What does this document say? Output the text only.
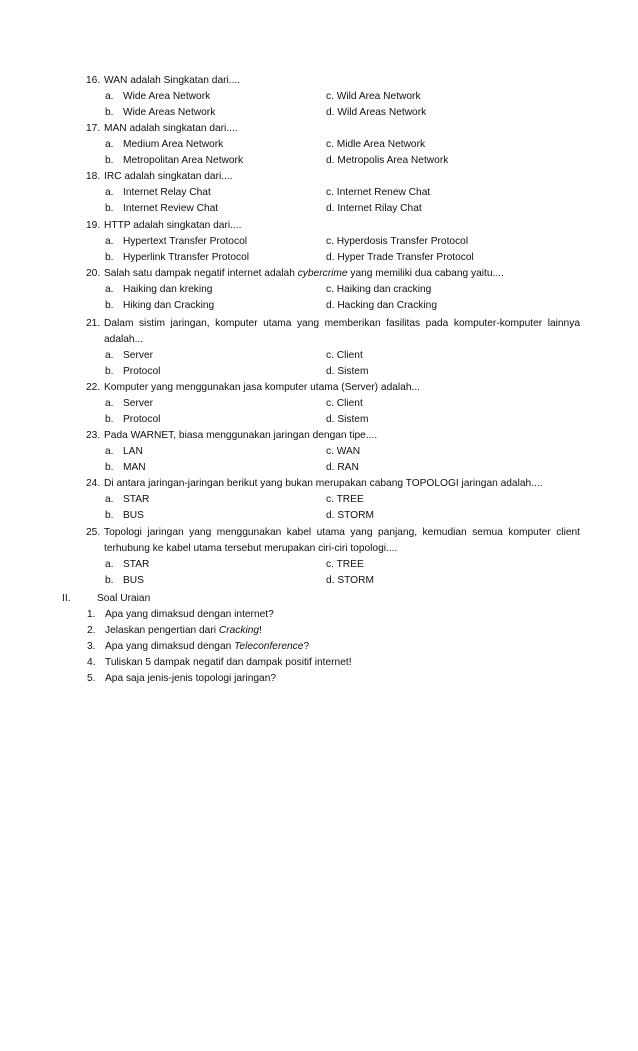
16. WAN adalah Singkatan dari....
a. Wide Area Network	c. Wild Area Network
b. Wide Areas Network	d. Wild Areas Network
17. MAN adalah singkatan dari....
a. Medium Area Network	c. Midle Area Network
b. Metropolitan Area Network	d. Metropolis Area Network
18. IRC adalah singkatan dari....
a. Internet Relay Chat	c. Internet Renew Chat
b. Internet Review Chat	d. Internet Rilay Chat
19. HTTP adalah singkatan dari....
a. Hypertext Transfer Protocol	c. Hyperdosis Transfer Protocol
b. Hyperlink Ttransfer Protocol	d. Hyper Trade Transfer Protocol
20. Salah satu dampak negatif internet adalah cybercrime yang memiliki dua cabang yaitu....
a. Haiking dan kreking	c. Haiking dan cracking
b. Hiking dan Cracking	d. Hacking dan Cracking
21. Dalam sistim jaringan, komputer utama yang memberikan fasilitas pada komputer-komputer lainnya adalah...
a. Server	c. Client
b. Protocol	d. Sistem
22. Komputer yang menggunakan jasa komputer utama (Server) adalah...
a. Server	c. Client
b. Protocol	d. Sistem
23. Pada WARNET, biasa menggunakan jaringan dengan tipe....
a. LAN	c. WAN
b. MAN	d. RAN
24. Di antara jaringan-jaringan berikut yang bukan merupakan cabang TOPOLOGI jaringan adalah....
a. STAR	c. TREE
b. BUS	d. STORM
25. Topologi jaringan yang menggunakan kabel utama yang panjang, kemudian semua komputer client terhubung ke kabel utama tersebut merupakan ciri-ciri topologi....
a. STAR	c. TREE
b. BUS	d. STORM
II.	Soal Uraian
1. Apa yang dimaksud dengan internet?
2. Jelaskan pengertian dari Cracking!
3. Apa yang dimaksud dengan Teleconference?
4. Tuliskan 5 dampak negatif dan dampak positif internet!
5. Apa saja jenis-jenis topologi jaringan?
